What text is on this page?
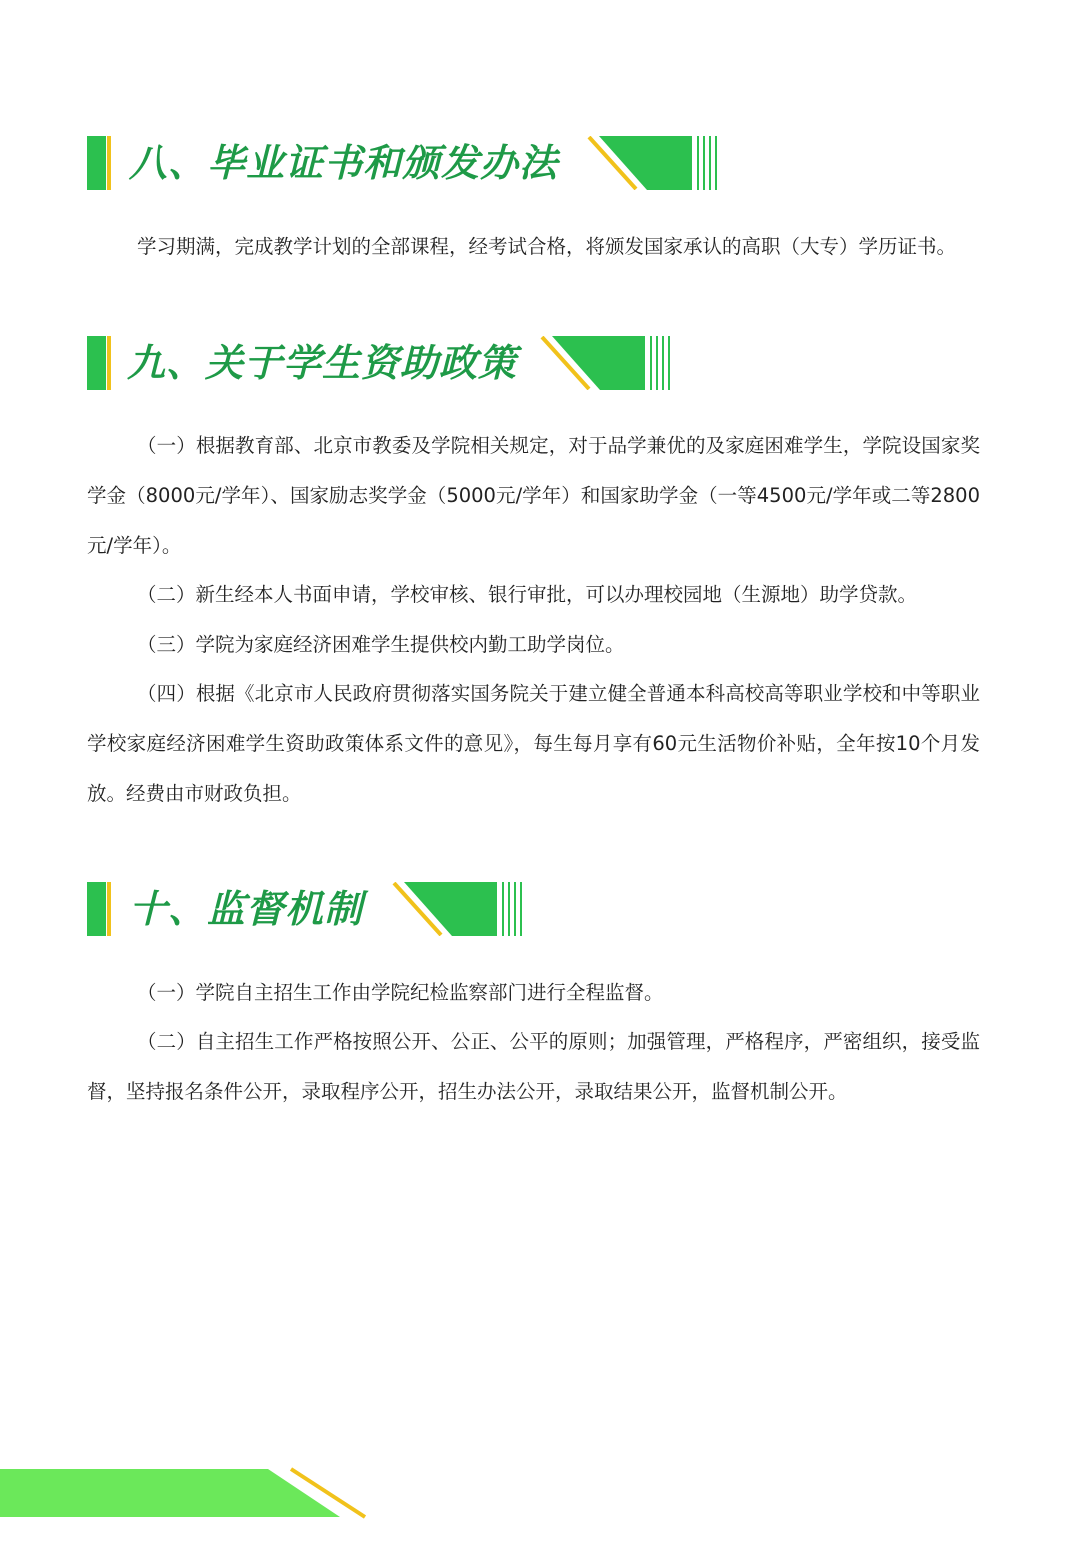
八、毕业证书和颁发办法
学习期满，完成教学计划的全部课程，经考试合格，将颁发国家承认的高职（大专）学历证书。
九、关于学生资助政策
（一）根据教育部、北京市教委及学院相关规定，对于品学兼优的及家庭困难学生，学院设国家奖学金（8000元/学年）、国家励志奖学金（5000元/学年）和国家助学金（一等4500元/学年或二等2800元/学年）。
（二）新生经本人书面申请，学校审核、银行审批，可以办理校园地（生源地）助学贷款。
（三）学院为家庭经济困难学生提供校内勤工助学岗位。
（四）根据《北京市人民政府贯彻落实国务院关于建立健全普通本科高校高等职业学校和中等职业学校家庭经济困难学生资助政策体系文件的意见》，每生每月享有60元生活物价补贴，全年按10个月发放。经费由市财政负担。
十、监督机制
（一）学院自主招生工作由学院纪检监察部门进行全程监督。
（二）自主招生工作严格按照公开、公正、公平的原则；加强管理，严格程序，严密组织，接受监督，坚持报名条件公开，录取程序公开，招生办法公开，录取结果公开，监督机制公开。
